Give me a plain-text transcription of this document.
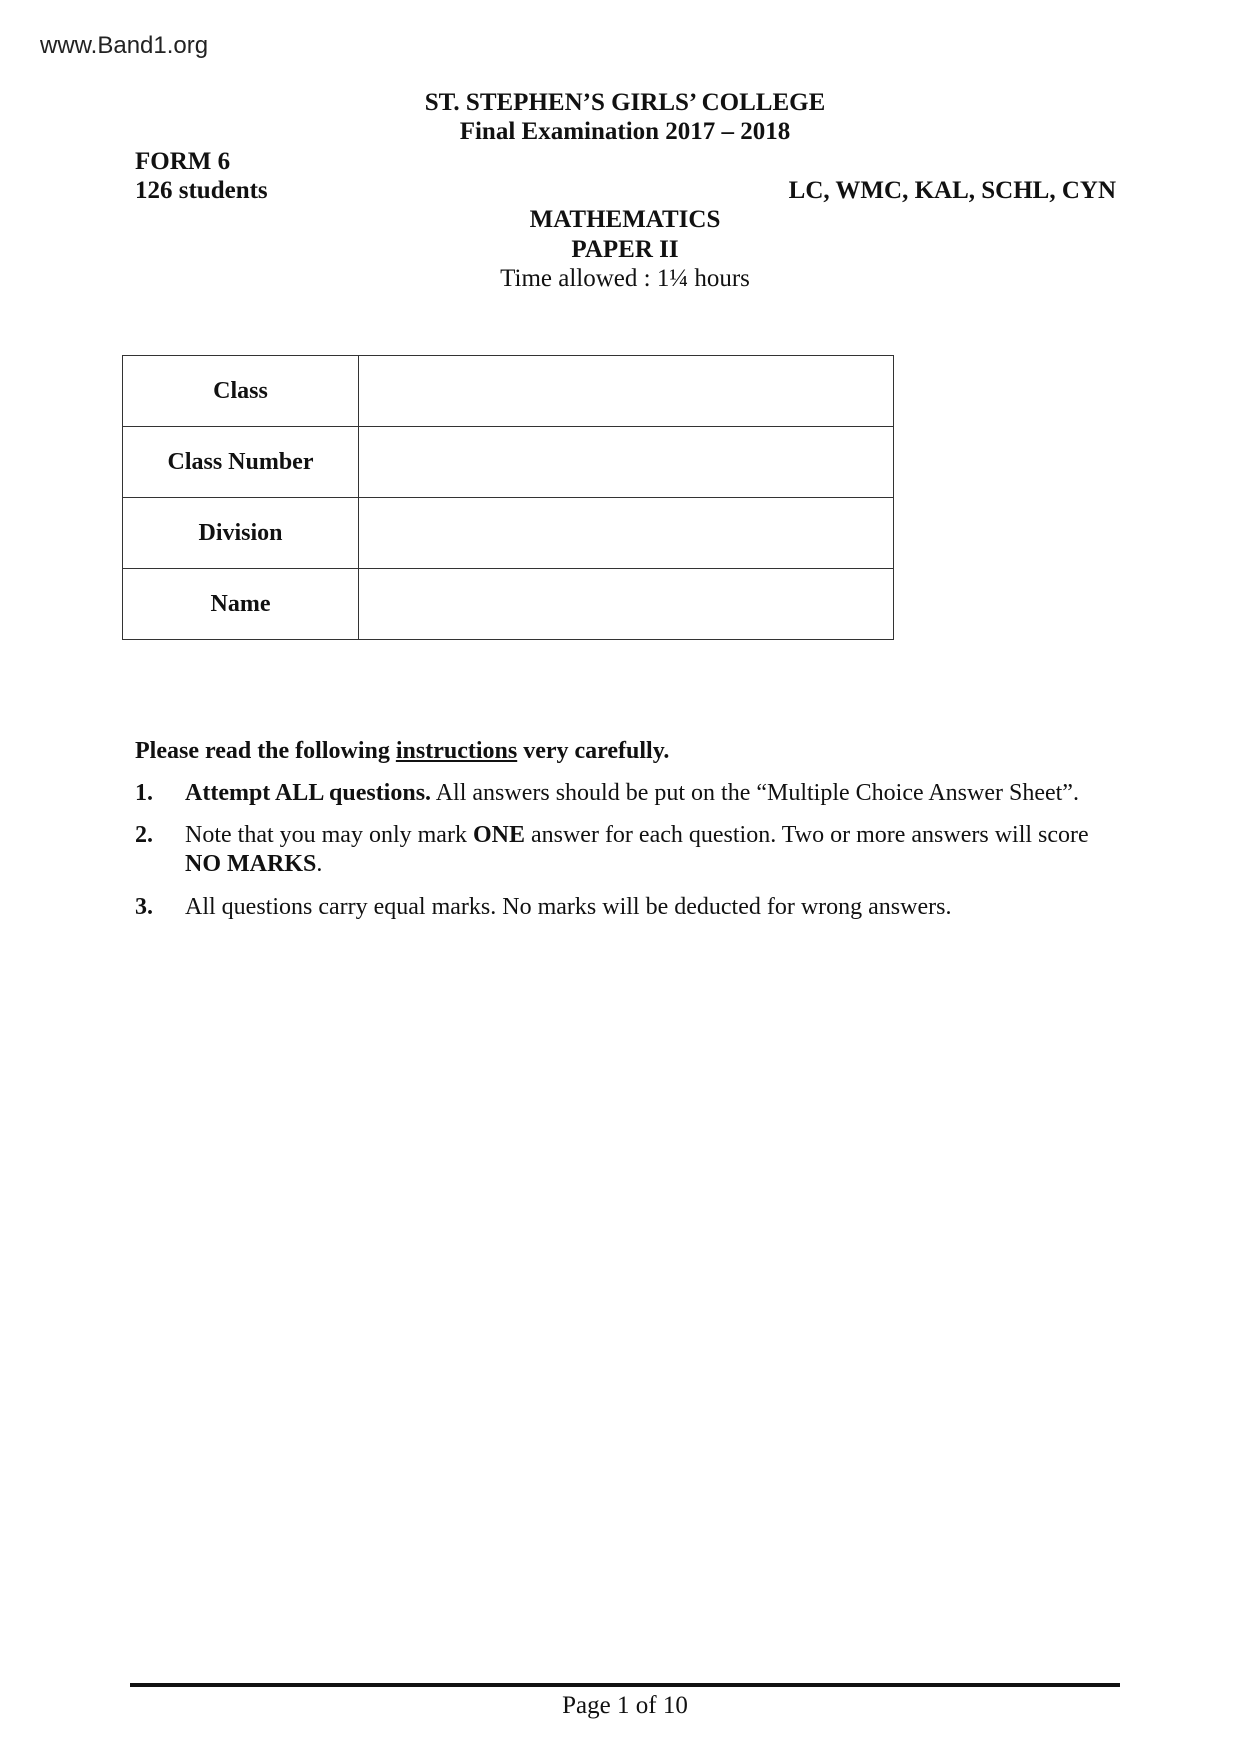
www.Band1.org
ST. STEPHEN’S GIRLS’ COLLEGE
Final Examination 2017 – 2018
FORM 6
126 students	LC, WMC, KAL, SCHL, CYN
MATHEMATICS
PAPER II
Time allowed : 1¼ hours
Class	
Class Number	
Division	
Name	
Please read the following instructions very carefully.
1. Attempt ALL questions. All answers should be put on the “Multiple Choice Answer Sheet”.
2. Note that you may only mark ONE answer for each question. Two or more answers will score
NO MARKS.
3. All questions carry equal marks. No marks will be deducted for wrong answers.
Page 1 of 10
